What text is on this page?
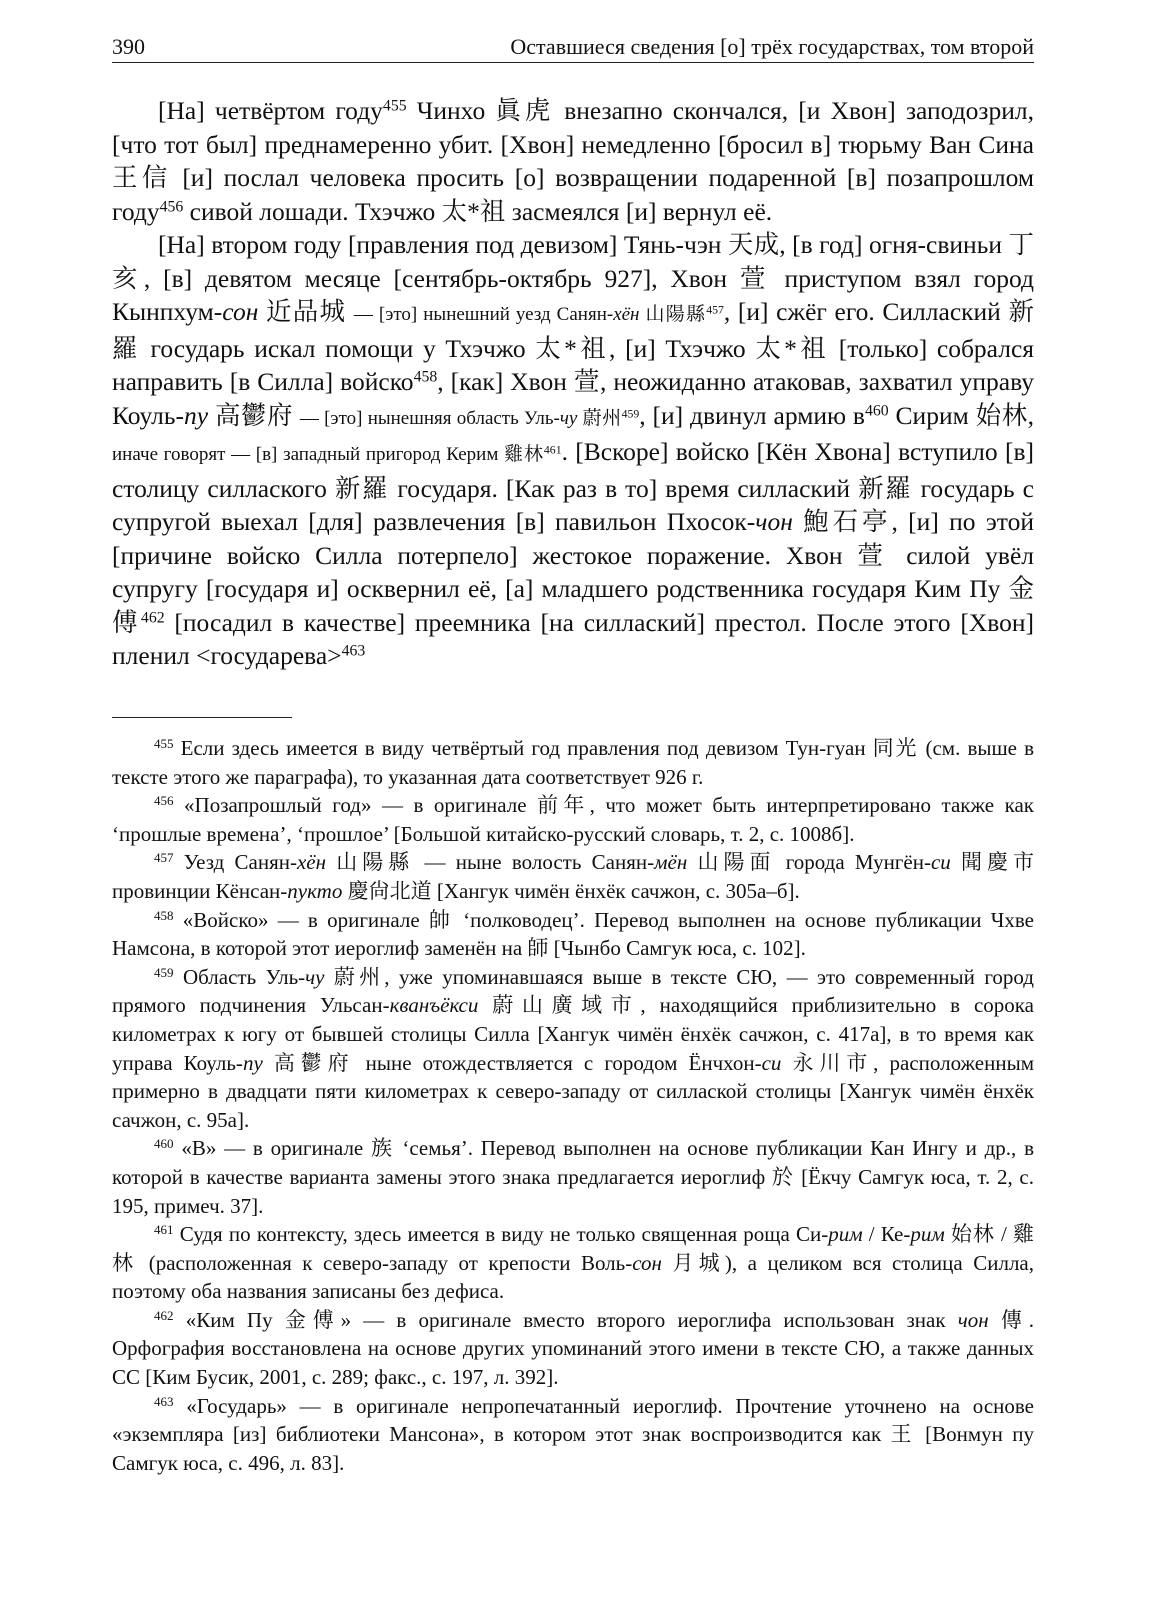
390	Оставшиеся сведения [о] трёх государствах, том второй

[На] четвёртом году$^{455}$ Чинхо 眞虎 внезапно скончался, [и Хвон] заподозрил, [что тот был] преднамеренно убит. [Хвон] немедленно [бросил в] тюрьму Ван Сина 王信 [и] послал человека просить [о] возвращении подаренной [в] позапрошлом году$^{456}$ сивой лошади. Тхэчжо 太*祖 засмеялся [и] вернул её.

[На] втором году [правления под девизом] Тянь-чэн 天成, [в год] огня-свиньи 丁亥, [в] девятом месяце [сентябрь-октябрь 927], Хвон 萱 приступом взял город Кынпхум-сон 近品城 — [это] нынешний уезд Санян-хён 山陽縣$^{457}$, [и] сжёг его. Силлаский 新羅 государь искал помощи у Тхэчжо 太*祖, [и] Тхэчжо 太*祖 [только] собрался направить [в Силла] войско$^{458}$, [как] Хвон 萱, неожиданно атаковав, захватил управу Коуль-пу 高鬱府 — [это] нынешняя область Уль-чу 蔚州$^{459}$, [и] двинул армию $в^{460}$ Сирим 始林, иначе говорят — [в] западный пригород Керим 雞林$^{461}$. [Вскоре] войско [Кён Хвона] вступило [в] столицу силлаского 新羅 государя. [Как раз в то] время силлаский 新羅 государь с супругой выехал [для] развлечения [в] павильон Пхосок-чон 鮑石亭, [и] по этой [причине войско Силла потерпело] жестокое поражение. Хвон 萱 силой увёл супругу [государя и] осквернил её, [а] младшего родственника государя Ким Пу 金傅$^{462}$ [посадил в качестве] преемника [на силлаский] престол. После этого [Хвон] пленил <государева>$^{463}$

$^{455}$ Если здесь имеется в виду четвёртый год правления под девизом Тун-гуан 同光 (см. выше в тексте этого же параграфа), то указанная дата соответствует 926 г.

$^{456}$ «Позапрошлый год» — в оригинале 前年, что может быть интерпретировано также как ‘прошлые времена’, ‘прошлое’ [Большой китайско-русский словарь, т. 2, с. 1008б].

$^{457}$ Уезд Санян-хён 山陽縣 — ныне волость Санян-мён 山陽面 города Мунгён-си 聞慶市 провинции Кёнсан-пукто 慶尙北道 [Хангук чимён ёнхёк сачжон, с. 305а–б].

$^{458}$ «Войско» — в оригинале 帥 ‘полководец’. Перевод выполнен на основе публикации Чхве Намсона, в которой этот иероглиф заменён на 師 [Чынбо Самгук юса, с. 102].

$^{459}$ Область Уль-чу 蔚州, уже упоминавшаяся выше в тексте СЮ, — это современный город прямого подчинения Ульсан-кванъёкси 蔚山廣域市, находящийся приблизительно в сорока километрах к югу от бывшей столицы Силла [Хангук чимён ёнхёк сачжон, с. 417а], в то время как управа Коуль-пу 高鬱府 ныне отождествляется с городом Ёнчхон-си 永川市, расположенным примерно в двадцати пяти километрах к северо-западу от силлаской столицы [Хангук чимён ёнхёк сачжон, с. 95а].

$^{460}$ «В» — в оригинале 族 ‘семья’. Перевод выполнен на основе публикации Кан Ингу и др., в которой в качестве варианта замены этого знака предлагается иероглиф 於 [Ёкчу Самгук юса, т. 2, с. 195, примеч. 37].

$^{461}$ Судя по контексту, здесь имеется в виду не только священная роща Си-рим / Ке-рим 始林 / 雞林 (расположенная к северо-западу от крепости Воль-сон 月城), а целиком вся столица Силла, поэтому оба названия записаны без дефиса.

$^{462}$ «Ким Пу 金傅» — в оригинале вместо второго иероглифа использован знак чон 傳. Орфография восстановлена на основе других упоминаний этого имени в тексте СЮ, а также данных СС [Ким Бусик, 2001, с. 289; факс., с. 197, л. 392].

$^{463}$ «Государь» — в оригинале непропечатанный иероглиф. Прочтение уточнено на основе «экземпляра [из] библиотеки Мансона», в котором этот знак воспроизводится как 王 [Вонмун пу Самгук юса, с. 496, л. 83].
